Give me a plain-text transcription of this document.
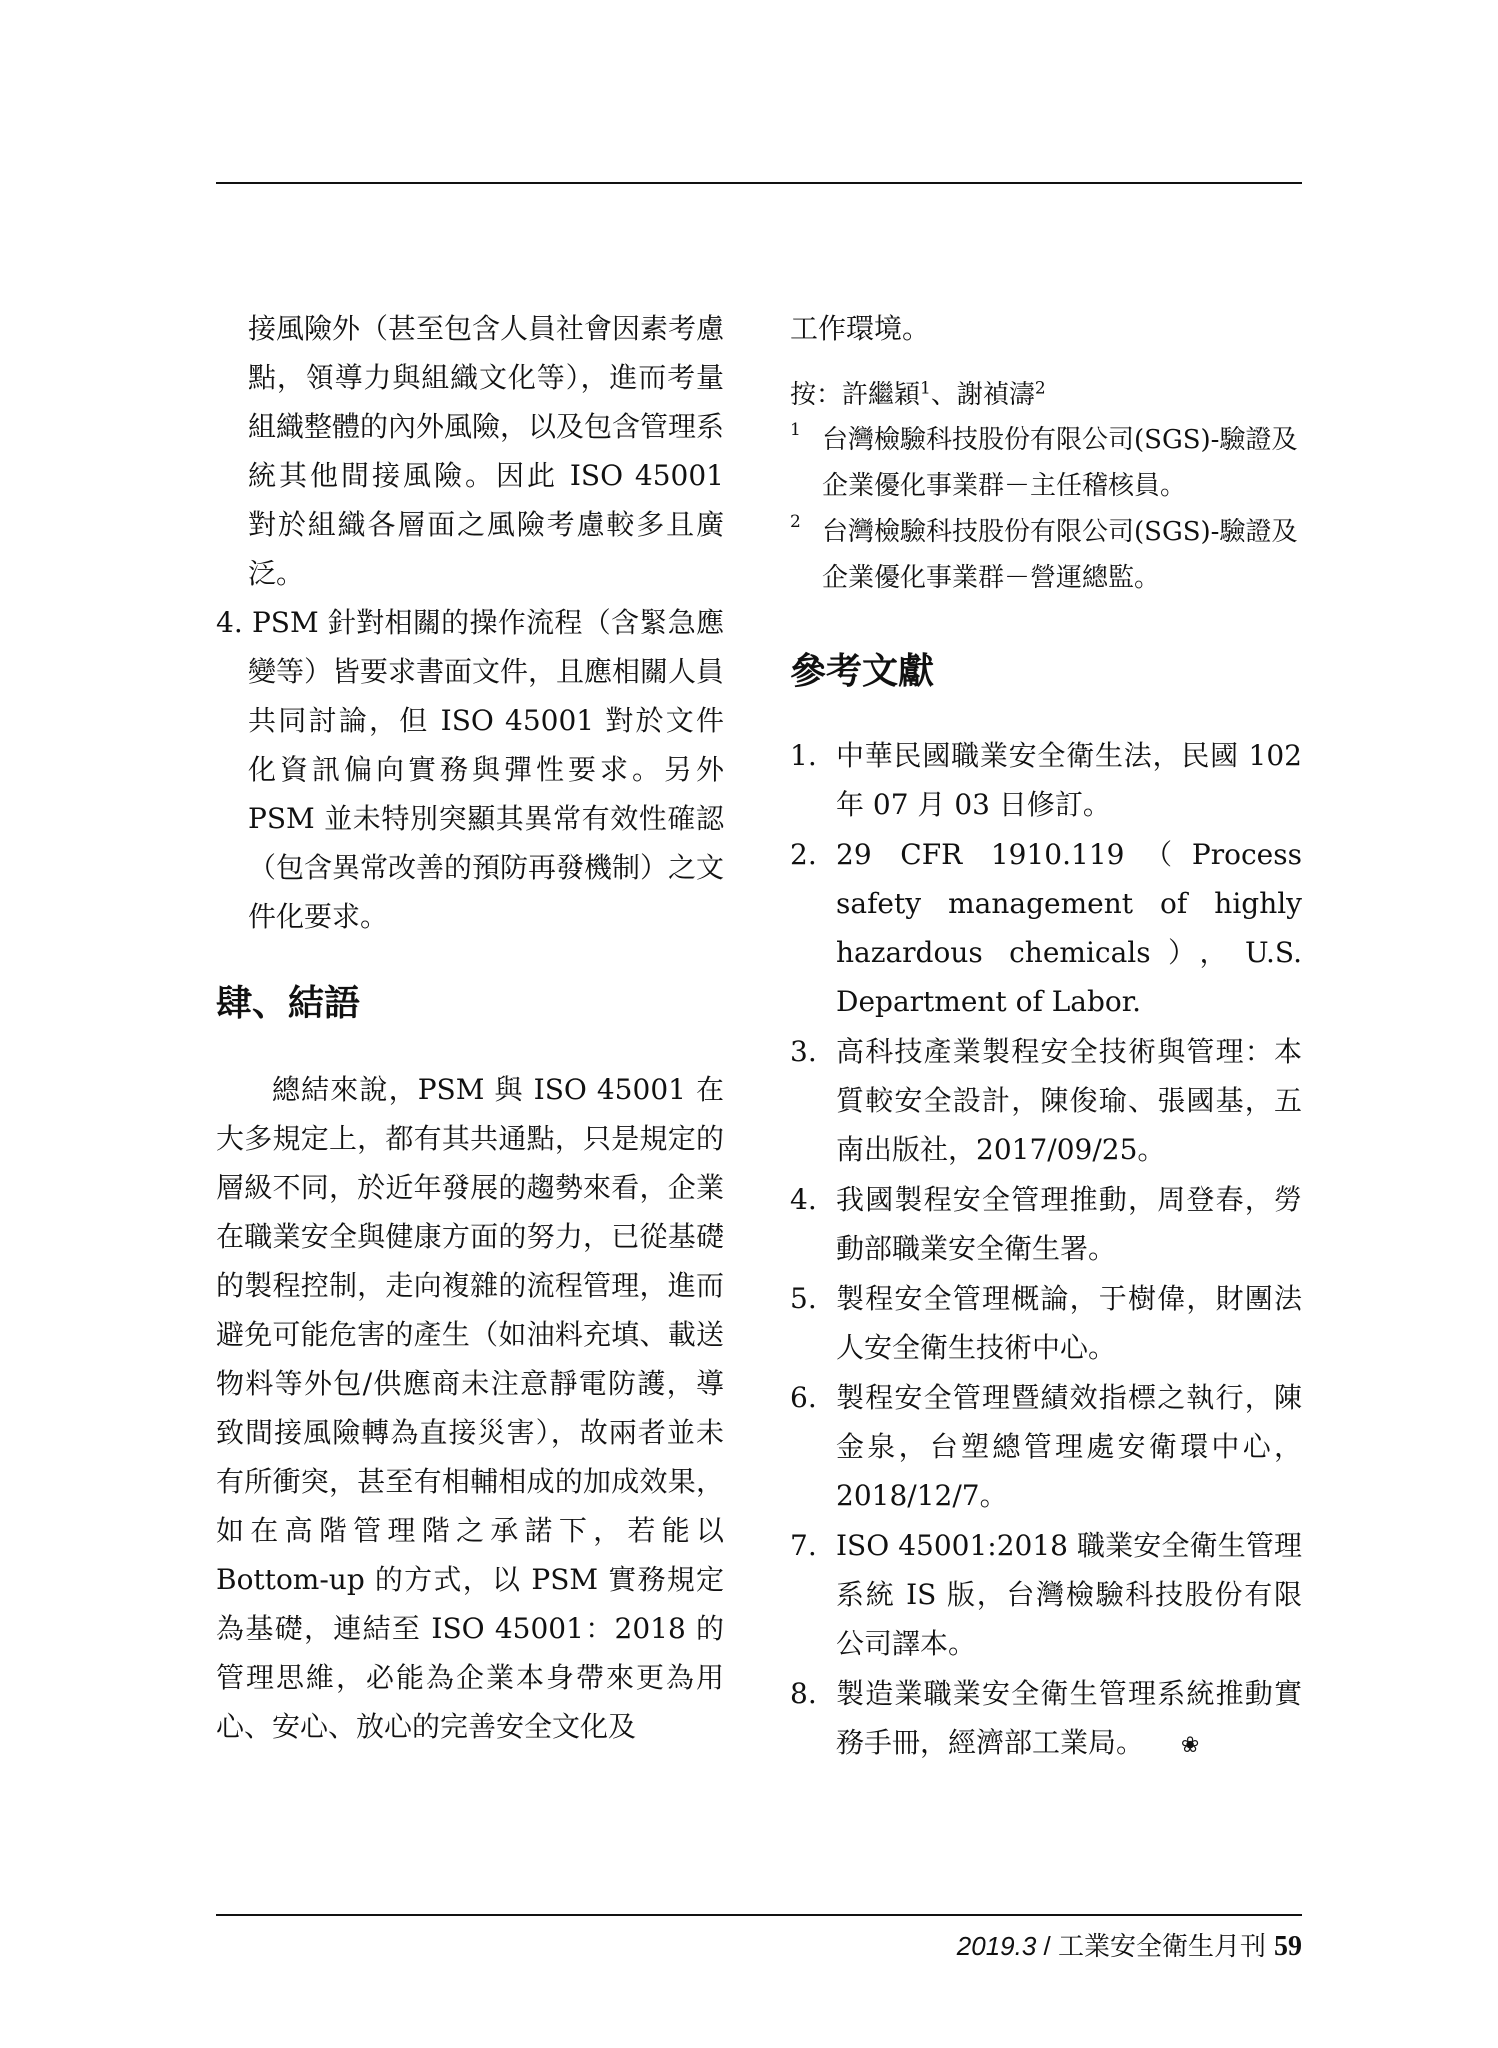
接風險外（甚至包含人員社會因素考慮點，領導力與組織文化等），進而考量組織整體的內外風險，以及包含管理系統其他間接風險。因此 ISO 45001 對於組織各層面之風險考慮較多且廣泛。

4. PSM 針對相關的操作流程（含緊急應變等）皆要求書面文件，且應相關人員共同討論，但 ISO 45001 對於文件化資訊偏向實務與彈性要求。另外 PSM 並未特別突顯其異常有效性確認（包含異常改善的預防再發機制）之文件化要求。

肆、結語

總結來說，PSM 與 ISO 45001 在大多規定上，都有其共通點，只是規定的層級不同，於近年發展的趨勢來看，企業在職業安全與健康方面的努力，已從基礎的製程控制，走向複雜的流程管理，進而避免可能危害的產生（如油料充填、載送物料等外包/供應商未注意靜電防護，導致間接風險轉為直接災害），故兩者並未有所衝突，甚至有相輔相成的加成效果，如在高階管理階之承諾下，若能以 Bottom-up 的方式，以 PSM 實務規定為基礎，連結至 ISO 45001：2018 的管理思維，必能為企業本身帶來更為用心、安心、放心的完善安全文化及

工作環境。

按：許繼穎$^1$、謝禎濤$^2$

1 台灣檢驗科技股份有限公司(SGS)-驗證及企業優化事業群－主任稽核員。

2 台灣檢驗科技股份有限公司(SGS)-驗證及企業優化事業群－營運總監。

參考文獻

1. 中華民國職業安全衛生法，民國 102 年 07 月 03 日修訂。

2. 29 CFR 1910.119（Process safety management of highly hazardous chemicals），U.S. Department of Labor.

3. 高科技產業製程安全技術與管理：本質較安全設計，陳俊瑜、張國基，五南出版社，2017/09/25。

4. 我國製程安全管理推動，周登春，勞動部職業安全衛生署。

5. 製程安全管理概論，于樹偉，財團法人安全衛生技術中心。

6. 製程安全管理暨績效指標之執行，陳金泉，台塑總管理處安衛環中心，2018/12/7。

7. ISO 45001:2018 職業安全衛生管理系統 IS 版，台灣檢驗科技股份有限公司譯本。

8. 製造業職業安全衛生管理系統推動實務手冊，經濟部工業局。 ❀

2019.3 / 工業安全衛生月刊 59
